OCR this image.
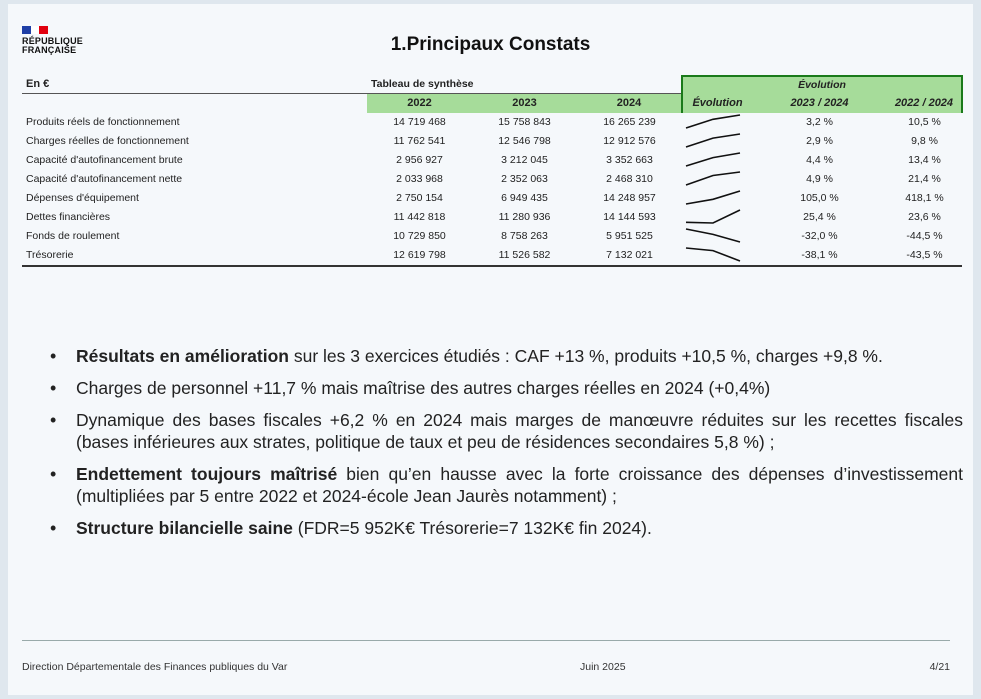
RÉPUBLIQUE
FRANÇAISE	1.Principaux Constats
En €	Tableau de synthèse			Évolution		
	2022	2023	2024	Évolution	2023 / 2024	2022 / 2024
Produits réels de fonctionnement	14 719 468	15 758 843	16 265 239		3,2 %	10,5 %
Charges réelles de fonctionnement	11 762 541	12 546 798	12 912 576		2,9 %	9,8 %
Capacité d'autofinancement brute	2 956 927	3 212 045	3 352 663		4,4 %	13,4 %
Capacité d'autofinancement nette	2 033 968	2 352 063	2 468 310		4,9 %	21,4 %
Dépenses d'équipement	2 750 154	6 949 435	14 248 957		105,0 %	418,1 %
Dettes financières	11 442 818	11 280 936	14 144 593		25,4 %	23,6 %
Fonds de roulement	10 729 850	8 758 263	5 951 525		-32,0 %	-44,5 %
Trésorerie	12 619 798	11 526 582	7 132 021		-38,1 %	-43,5 %
• Résultats en amélioration sur les 3 exercices étudiés : CAF +13 %, produits +10,5 %, charges +9,8 %.
• Charges de personnel +11,7 % mais maîtrise des autres charges réelles en 2024 (+0,4%)
• Dynamique des bases fiscales +6,2 % en 2024 mais marges de manœuvre réduites sur les recettes fiscales (bases inférieures aux strates, politique de taux et peu de résidences secondaires 5,8 %) ;
• Endettement toujours maîtrisé bien qu’en hausse avec la forte croissance des dépenses d’investissement (multipliées par 5 entre 2022 et 2024-école Jean Jaurès notamment) ;
• Structure bilancielle saine (FDR=5 952K€ Trésorerie=7 132K€ fin 2024).
Direction Départementale des Finances publiques du Var	Juin 2025	4/21
